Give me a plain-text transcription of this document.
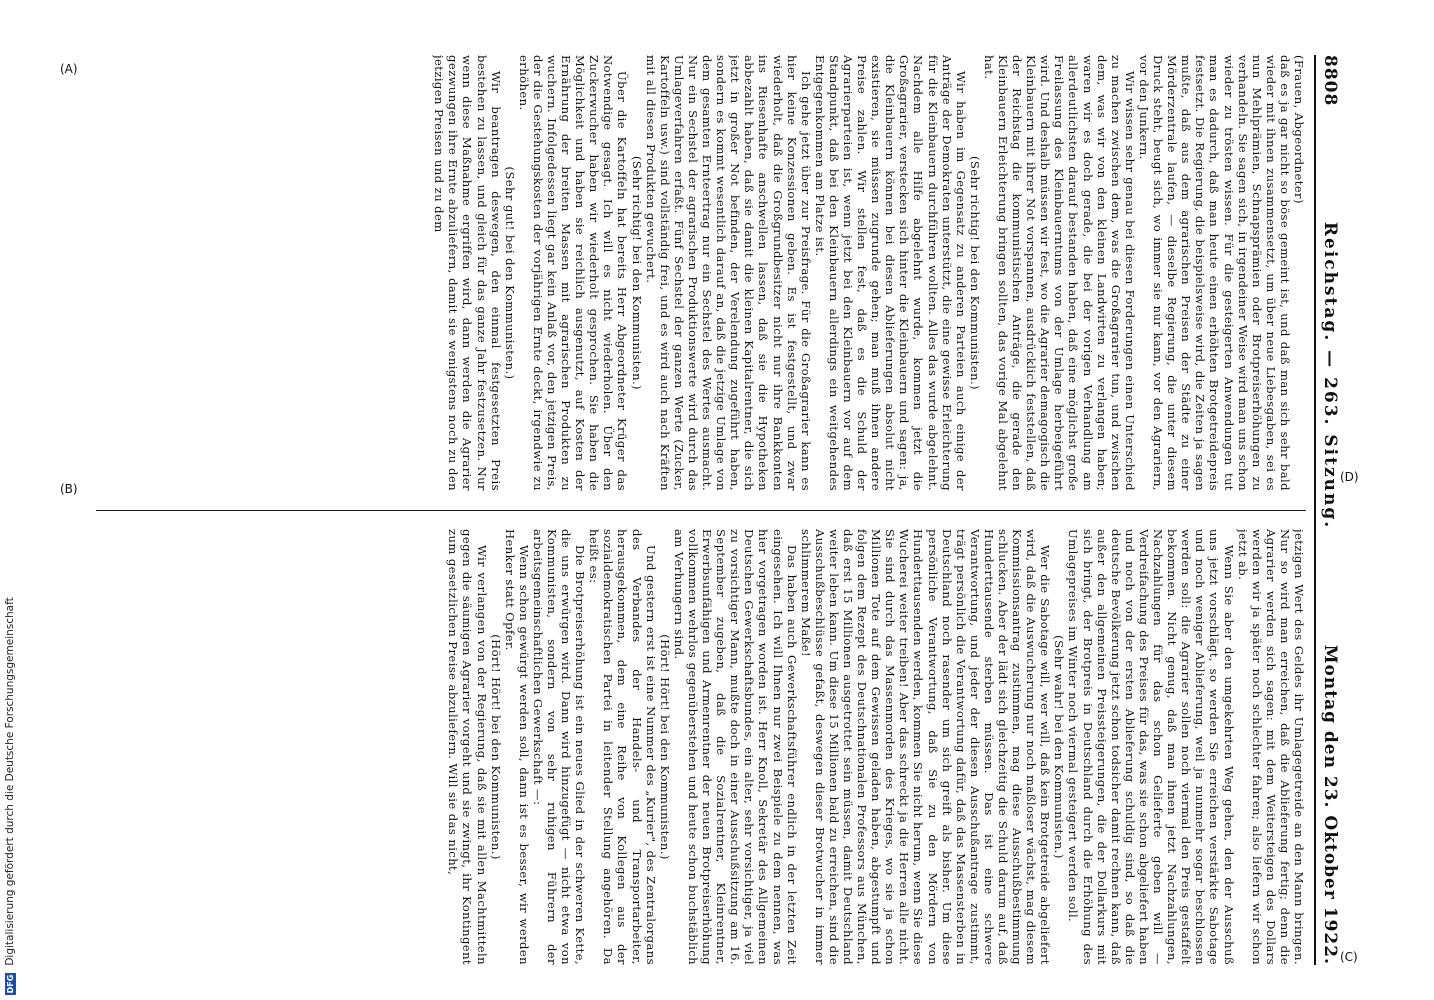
DFG Digitalisierung gefördert durch die Deutsche Forschungsgemeinschaft
8808
Reichstag. — 263. Sitzung.
Montag den 23. Oktober 1922.

(Frauen, Abgeordneter)

daß es ja gar nicht so böse gemeint ist, und daß man sich sehr bald wieder mit ihnen zusammensetzt, um über neue Liebesgaben, sei es nun Mehlprämien, Schnapsprämien oder Brotpreiserhöhungen zu verhandeln. Sie sagen sich, in irgendeiner Weise wird man uns schon wieder zu trösten wissen. Für die gesteigerten Anwendungen tut man es dadurch, daß man heute einen erhöhten Brotgetreidepreis festsetzt. Die Regierung, die beispielsweise wird, die Zeiten ja sagen mußte, daß aus dem agrarischen Preisen der Städte zu einer Mörderzentrale laufen, — dieselbe Regierung, die unter diesem Druck steht, beugt sich, wo immer sie nur kann, vor den Agrariern, vor den Junkern.

Wir wissen sehr genau bei diesen Forderungen einen Unterschied zu machen zwischen dem, was die Großagrarier tun, und zwischen dem, was wir von den kleinen Landwirten zu verlangen haben; waren wir es doch gerade, die bei der vorigen Verhandlung am allerdeutlichsten darauf bestanden haben, daß eine möglichst große Freilassung des Kleinbauerntums von der Umlage herbeigeführt wird. Und deshalb müssen wir fest, wo die Agrarier demagogisch die Kleinbauern mit ihrer Not vorspannen, ausdrücklich feststellen, daß der Reichstag die kommunistischen Anträge, die gerade den Kleinbauern Erleichterung bringen sollten, das vorige Mal abgelehnt hat.

(Sehr richtig! bei den Kommunisten.)

Wir haben im Gegensatz zu anderen Parteien auch einige der Anträge der Demokraten unterstützt, die eine gewisse Erleichterung für die Kleinbauern durchführen wollten. Alles das wurde abgelehnt. Nachdem alle Hilfe abgelehnt wurde, kommen jetzt die Großagrarier, verstecken sich hinter die Kleinbauern und sagen: ja, die Kleinbauern können bei diesen Ablieferungen absolut nicht existieren, sie müssen zugrunde gehen; man muß ihnen andere Preise zahlen. Wir stellen fest, daß es die Schuld der Agrarierparteien ist, wenn jetzt bei den Kleinbauern vor auf dem Standpunkt, daß bei den Kleinbauern allerdings ein weitgehendes Entgegenkommen am Platze ist.

Ich gehe jetzt über zur Preisfrage. Für die Großagrarier kann es hier keine Konzessionen geben. Es ist festgestellt, und zwar wiederholt, daß die Großgrundbesitzer nicht nur ihre Bankkonten ins Riesenhafte anschwellen lassen, daß sie die Hypotheken abbezahlt haben, daß sie damit die kleinen Kapitalrentner, die sich jetzt in großer Not befinden, der Verelendung zugeführt haben, sondern es kommt wesentlich darauf an, daß die jetzige Umlage von dem gesamten Ernteertrag nur ein Sechstel des Wertes ausmacht. Nur ein Sechstel der agrarischen Produktionswerte wird durch das Umlageverfahren erfaßt. Fünf Sechstel der ganzen Werte (Zucker, Kartoffeln usw.) sind vollständig frei, und es wird auch nach Kräften mit all diesen Produkten gewuchert.

(Sehr richtig! bei den Kommunisten.)

Über die Kartoffeln hat bereits Herr Abgeordneter Krüger das Notwendige gesagt. Ich will es nicht wiederholen. Über den Zuckerwucher haben wir wiederholt gesprochen. Sie haben die Möglichkeit und haben sie reichlich ausgenutzt, auf Kosten der Ernährung der breiten Massen mit agrarischen Produkten zu wuchern. Infolgedessen liegt gar kein Anlaß vor, den jetzigen Preis, der die Gestehungskosten der vorjährigen Ernte deckt, irgendwie zu erhöhen.

(Sehr gut! bei den Kommunisten.)

Wir beantragen deswegen, den einmal festgesetzten Preis bestehen zu lassen, und gleich für das ganze Jahr festzusetzen. Nur wenn diese Maßnahme ergriffen wird, dann werden die Agrarier gezwungen ihre Ernte abzuliefern, damit sie wenigstens noch zu den jetzigen Preisen und zu dem

jetzigen Wert des Geldes ihr Umlagegetreide an den Mann bringen. Nur so wird man erreichen, daß die Ablieferung fertig; denn die Agrarier werden sich sagen: mit dem Weitersteigen des Dollars werden wir ja später noch schlechter fahren; also liefern wir schon jetzt ab.

Wenn Sie aber den umgekehrten Weg gehen, den der Ausschuß uns jetzt vorschlägt, so werden Sie erreichen verstärkte Sabotage und noch weniger Ablieferung, weil ja nunmehr sogar beschlossen werden soll: die Agrarier sollen noch viermal den Preis gestaffelt bekommen. Nicht genug, daß man ihnen jetzt Nachzahlungen, Nachzahlungen für das schon Gelieferte geben will — Verdreifachung des Preises für das, was sie schon abgeliefert haben und noch von der ersten Ablieferung schuldig sind, so daß die deutsche Bevölkerung jetzt schon todsicher damit rechnen kann, daß außer den allgemeinen Preissteigerungen, die der Dollarkurs mit sich bringt, der Brotpreis in Deutschland durch die Erhöhung des Umlagepreises im Winter noch viermal gesteigert werden soll.

(Sehr wahr! bei den Kommunisten.)

Wer die Sabotage will, wer will, daß kein Brotgetreide abgeliefert wird, daß die Auswucherung nur noch maßloser wächst, mag diesem Kommissionsantrag zustimmen, mag diese Ausschußbestimmung schlucken. Aber der lädt sich gleichzeitig die Schuld darum auf, daß Hunderttausende sterben müssen. Das ist eine schwere Verantwortung, und jeder der diesen Ausschußantrage zustimmt, trägt persönlich die Verantwortung dafür, daß das Massensterben in Deutschland noch rasender um sich greift als bisher. Um diese persönliche Verantwortung, daß Sie zu den Mördern von Hunderttausenden werden, kommen Sie nicht herum, wenn Sie diese Wucherei weiter treiben! Aber das schreckt ja die Herren alle nicht. Sie sind durch das Massenmorden des Krieges, wo sie ja schon Millionen Tote auf dem Gewissen geladen haben, abgestumpft und folgen dem Rezept des Deutschnationalen Professors aus München, daß erst 15 Millionen ausgetrottet sein müssen, damit Deutschland weiter leben kann. Um diese 15 Millionen bald zu erreichen, sind die Ausschußbeschlüsse gefaßt, deswegen dieser Brotwucher in immer schlimmerem Maße!

Das haben auch Gewerkschaftsführer endlich in der letzten Zeit eingesehen. Ich will Ihnen nur zwei Beispiele zu dem nennen, was hier vorgetragen worden ist. Herr Knoll, Sekretär des Allgemeinen Deutschen Gewerkschaftsbundes, ein alter, sehr vorsichtiger, ja viel zu vorsichtiger Mann, mußte doch in einer Ausschußsitzung am 16. September zugeben, daß die Sozialrentner, Kleinrentner, Erwerbsunfähigen und Armenrentner der neuen Brotpreiserhöhung vollkommen wehrlos gegenüberstehen und heute schon buchstäblich am Verhungern sind.

(Hört! Hört! bei den Kommunisten.)

Und gestern erst ist eine Nummer des „Kurier", des Zentralorgans des Verbandes der Handels- und Transportarbeiter, herausgekommen, dem eine Reihe von Kollegen aus der sozialdemokratischen Partei in leitender Stellung angehören. Da heißt es:

Die Brotpreiserhöhung ist ein neues Glied in der schweren Kette, die uns erwürgen wird. Dann wird hinzugefügt — nicht etwa von Kommunisten, sondern von sehr ruhigen Führern der arbeitsgemeinschaftlichen Gewerkschaft —:

Wenn schon gewürgt werden soll, dann ist es besser, wir werden Henker statt Opfer.

(Hört! Hört! bei den Kommunisten.)

Wir verlangen von der Regierung, daß sie mit allen Machtmitteln gegen die säumigen Agrarier vorgeht und sie zwingt, ihr Kontingent zum gesetzlichen Preise abzuliefern. Will sie das nicht,

(A)
(B)
(D)
(C)
